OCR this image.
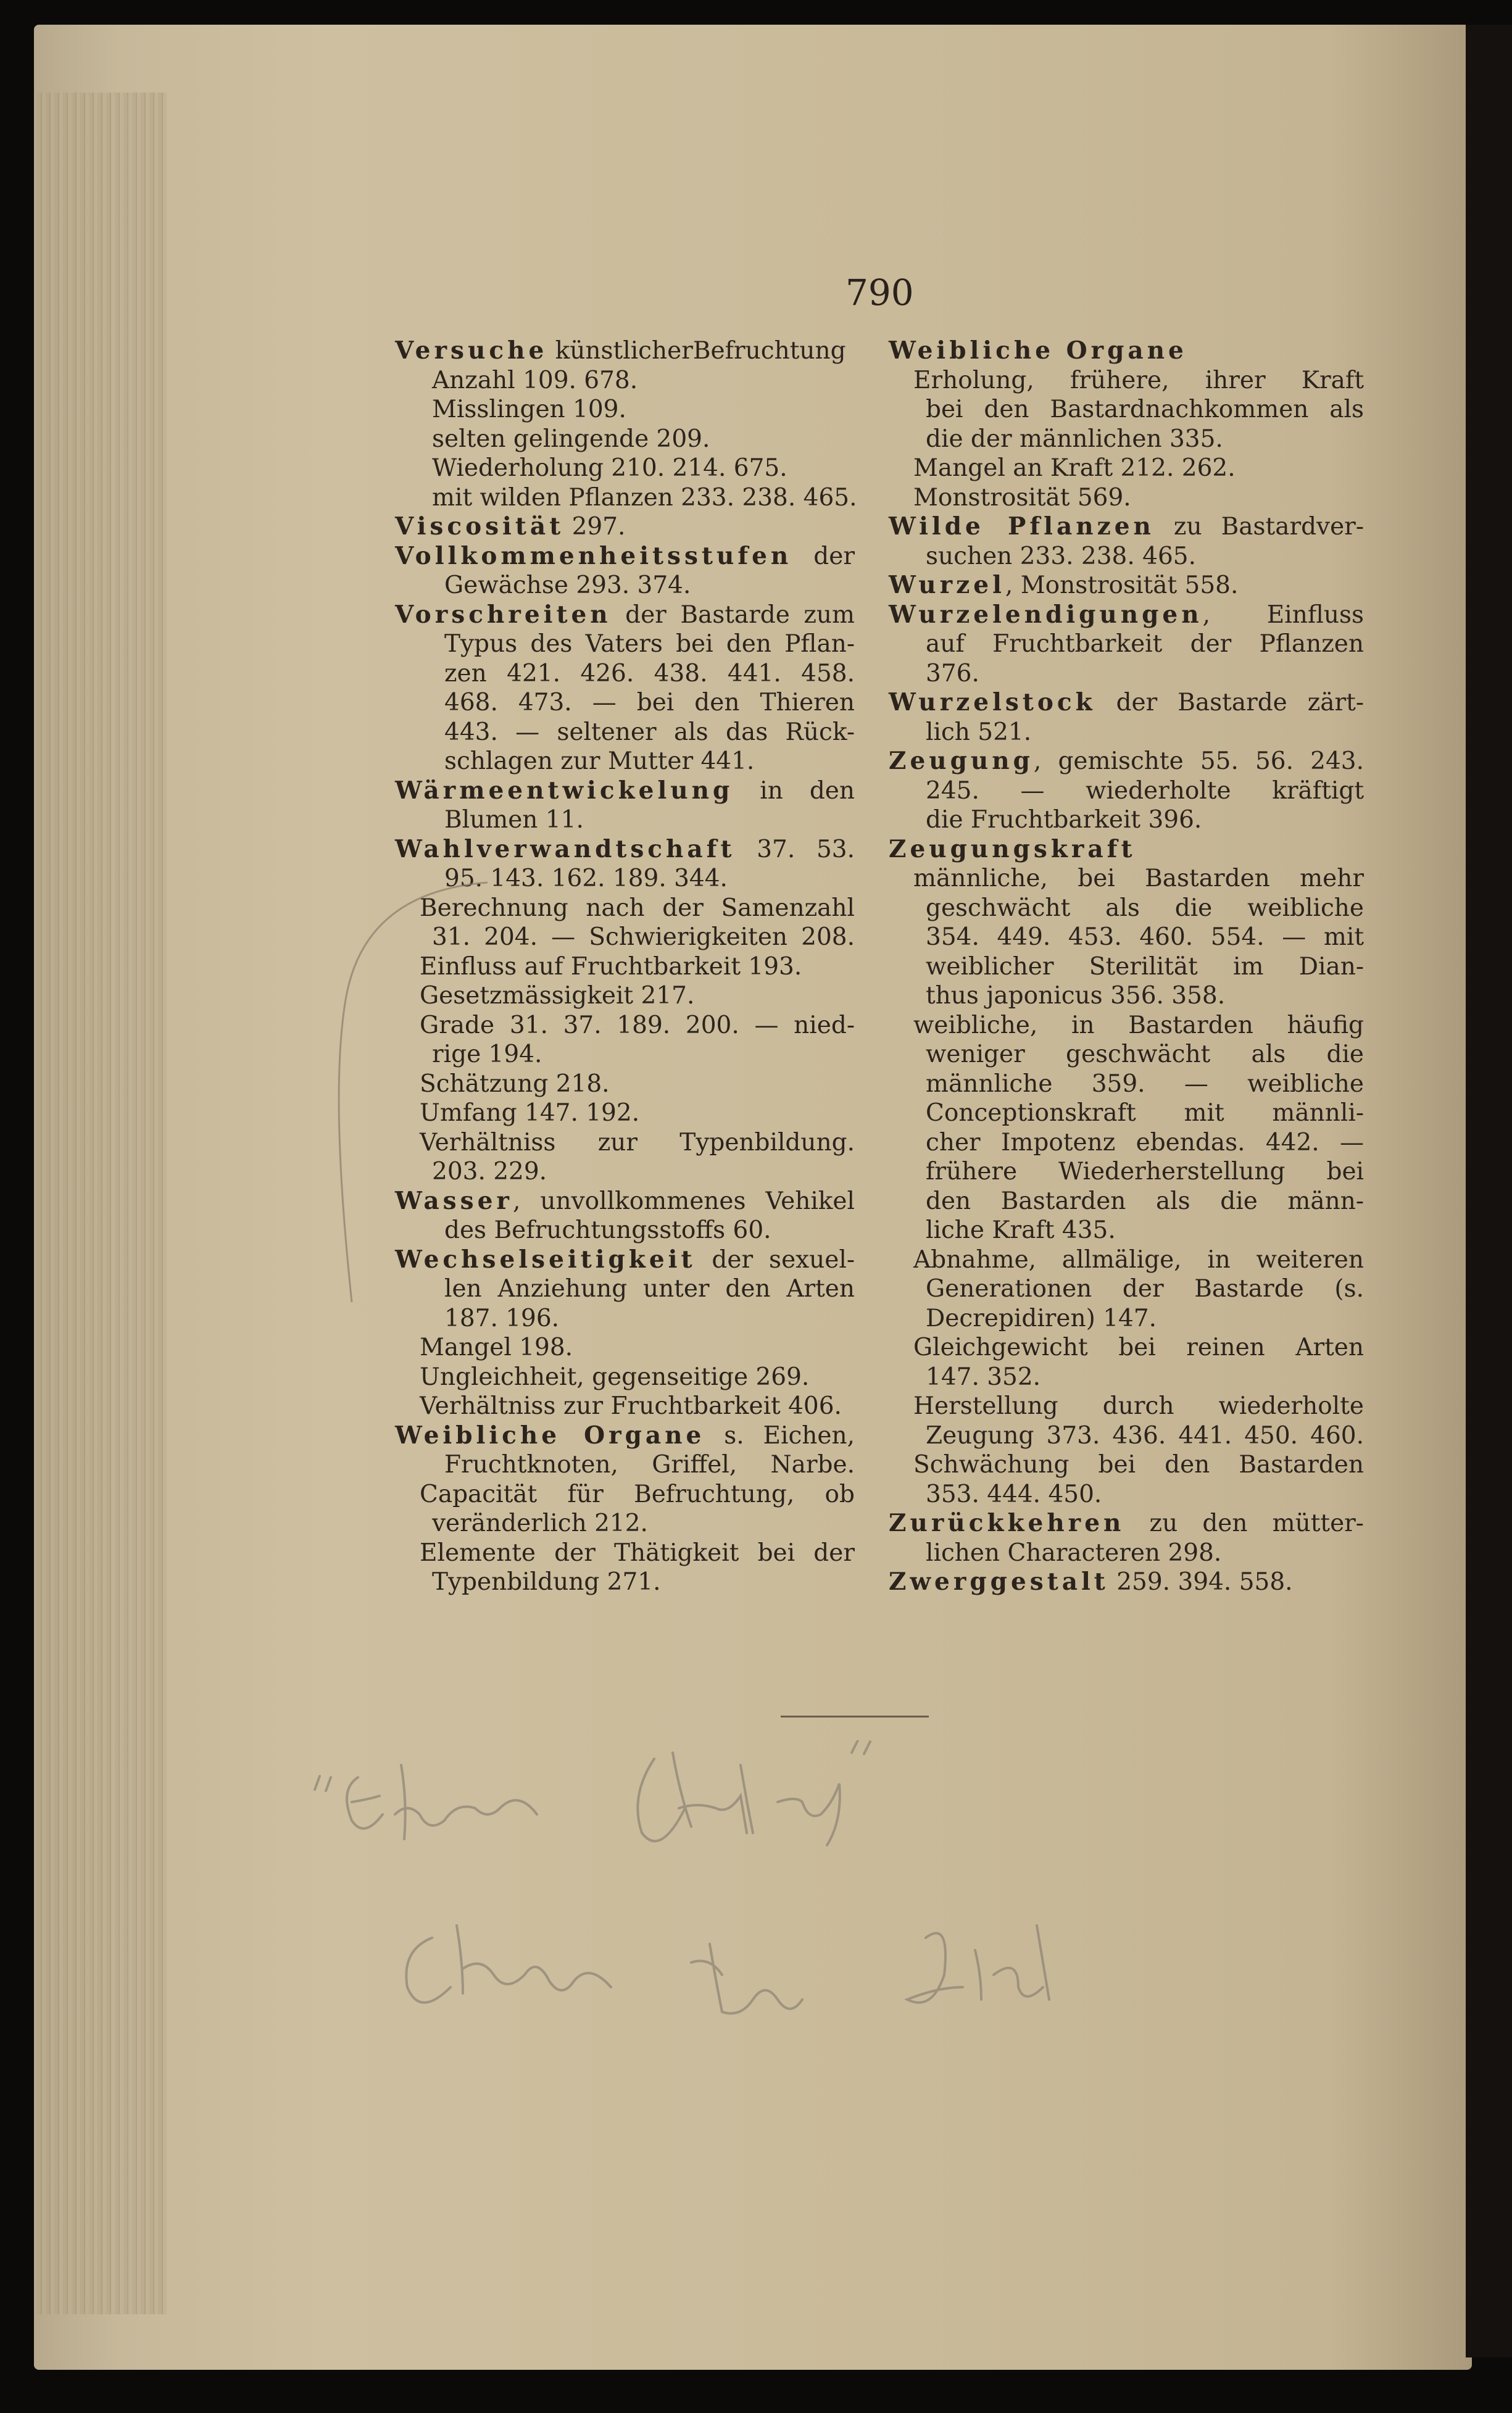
790
Versuche künstlicherBefruchtung
Anzahl 109. 678.
Misslingen 109.
selten gelingende 209.
Wiederholung 210. 214. 675.
mit wilden Pflanzen 233. 238. 465.
Viscosität 297.
Vollkommenheitsstufen der
Gewächse 293. 374.
Vorschreiten der Bastarde zum
Typus des Vaters bei den Pflan-
zen 421. 426. 438. 441. 458.
468. 473. — bei den Thieren
443. — seltener als das Rück-
schlagen zur Mutter 441.
Wärmeentwickelung in den
Blumen 11.
Wahlverwandtschaft 37. 53.
95. 143. 162. 189. 344.
Berechnung nach der Samenzahl
31. 204. — Schwierigkeiten 208.
Einfluss auf Fruchtbarkeit 193.
Gesetzmässigkeit 217.
Grade 31. 37. 189. 200. — nied-
rige 194.
Schätzung 218.
Umfang 147. 192.
Verhältniss zur Typenbildung.
203. 229.
Wasser, unvollkommenes Vehikel
des Befruchtungsstoffs 60.
Wechselseitigkeit der sexuel-
len Anziehung unter den Arten
187. 196.
Mangel 198.
Ungleichheit, gegenseitige 269.
Verhältniss zur Fruchtbarkeit 406.
Weibliche Organe s. Eichen,
Fruchtknoten, Griffel, Narbe.
Capacität für Befruchtung, ob
veränderlich 212.
Elemente der Thätigkeit bei der
Typenbildung 271.
Weibliche Organe
Erholung, frühere, ihrer Kraft
bei den Bastardnachkommen als
die der männlichen 335.
Mangel an Kraft 212. 262.
Monstrosität 569.
Wilde Pflanzen zu Bastardver-
suchen 233. 238. 465.
Wurzel, Monstrosität 558.
Wurzelendigungen, Einfluss
auf Fruchtbarkeit der Pflanzen
376.
Wurzelstock der Bastarde zärt-
lich 521.
Zeugung, gemischte 55. 56. 243.
245. — wiederholte kräftigt
die Fruchtbarkeit 396.
Zeugungskraft
männliche, bei Bastarden mehr
geschwächt als die weibliche
354. 449. 453. 460. 554. — mit
weiblicher Sterilität im Dian-
thus japonicus 356. 358.
weibliche, in Bastarden häufig
weniger geschwächt als die
männliche 359. — weibliche
Conceptionskraft mit männli-
cher Impotenz ebendas. 442. —
frühere Wiederherstellung bei
den Bastarden als die männ-
liche Kraft 435.
Abnahme, allmälige, in weiteren
Generationen der Bastarde (s.
Decrepidiren) 147.
Gleichgewicht bei reinen Arten
147. 352.
Herstellung durch wiederholte
Zeugung 373. 436. 441. 450. 460.
Schwächung bei den Bastarden
353. 444. 450.
Zurückkehren zu den mütter-
lichen Characteren 298.
Zwerggestalt 259. 394. 558.
